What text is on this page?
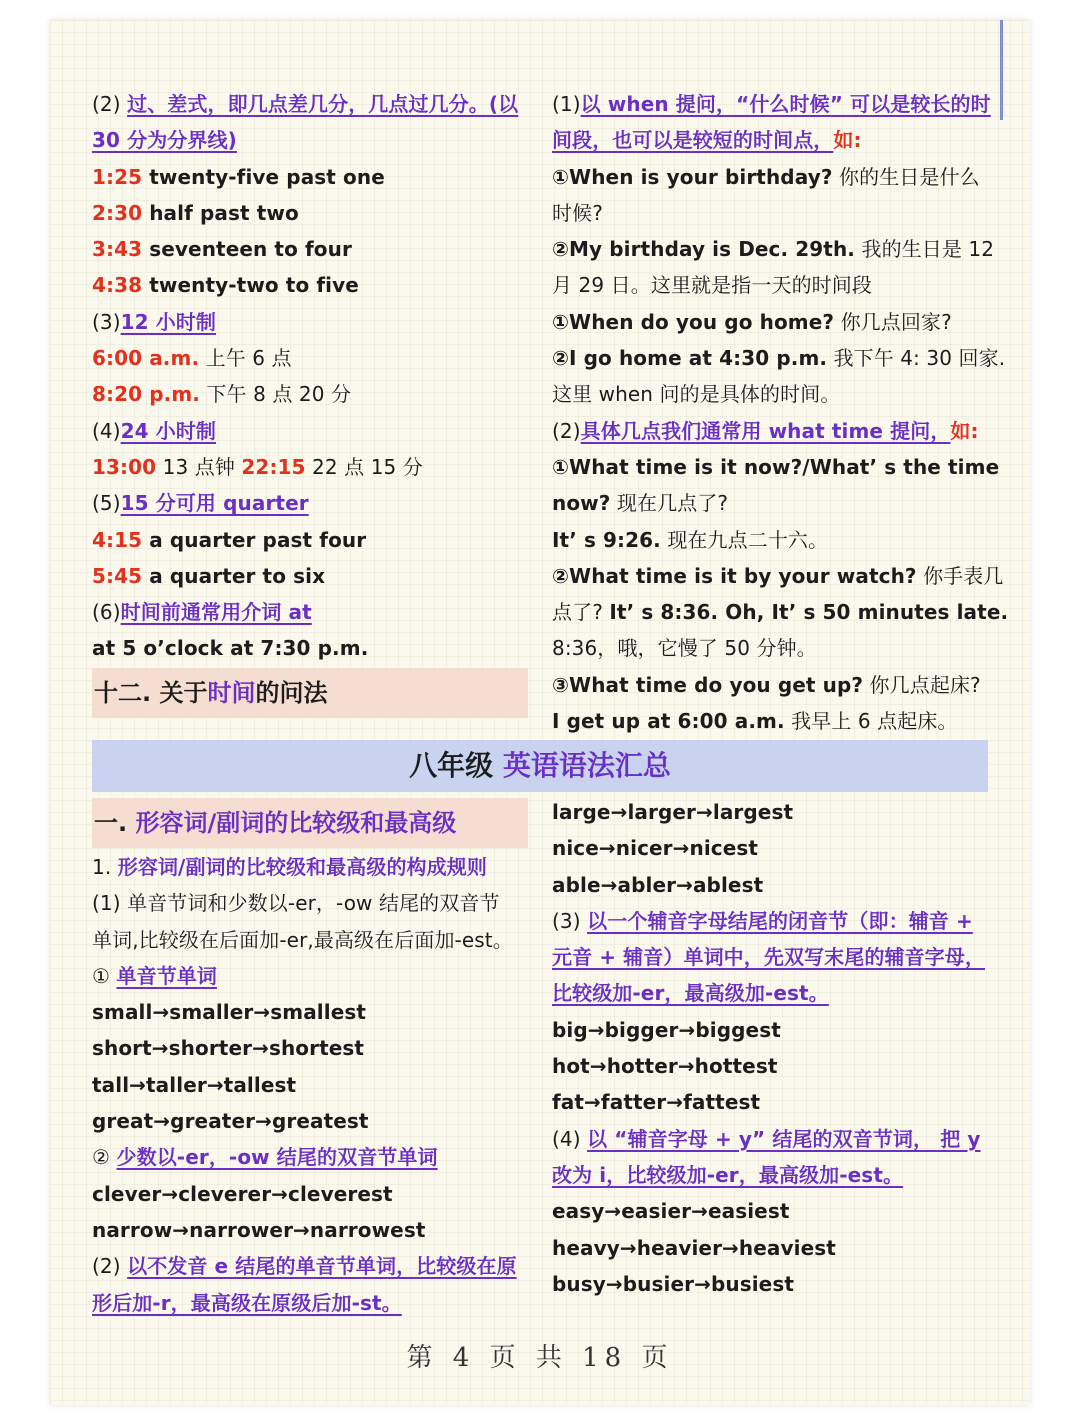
(2) 过、差式，即几点差几分，几点过几分。(以
30 分为分界线)
1:25 twenty-five past one
2:30 half past two
3:43 seventeen to four
4:38 twenty-two to five
(3)12 小时制
6:00 a.m. 上午 6 点
8:20 p.m. 下午 8 点 20 分
(4)24 小时制
13:00 13 点钟 22:15 22 点 15 分
(5)15 分可用 quarter
4:15 a quarter past four
5:45 a quarter to six
(6)时间前通常用介词 at
at 5 o’clock at 7:30 p.m.
十二. 关于时间的问法
(1)以 when 提问，“什么时候” 可以是较长的时
间段，也可以是较短的时间点，如:
①When is your birthday? 你的生日是什么
时候?
②My birthday is Dec. 29th. 我的生日是 12
月 29 日。这里就是指一天的时间段
①When do you go home? 你几点回家?
②I go home at 4:30 p.m. 我下午 4: 30 回家.
这里 when 问的是具体的时间。
(2)具体几点我们通常用 what time 提问，如:
①What time is it now?/What’ s the time
now? 现在几点了?
It’ s 9:26. 现在九点二十六。
②What time is it by your watch? 你手表几
点了? It’ s 8:36. Oh, It’ s 50 minutes late.
8:36，哦，它慢了 50 分钟。
③What time do you get up? 你几点起床?
I get up at 6:00 a.m. 我早上 6 点起床。
八年级 英语语法汇总
一. 形容词/副词的比较级和最高级
1. 形容词/副词的比较级和最高级的构成规则
(1) 单音节词和少数以-er，-ow 结尾的双音节
单词,比较级在后面加-er,最高级在后面加-est。
① 单音节单词
small→smaller→smallest
short→shorter→shortest
tall→taller→tallest
great→greater→greatest
② 少数以-er，-ow 结尾的双音节单词
clever→cleverer→cleverest
narrow→narrower→narrowest
(2) 以不发音 e 结尾的单音节单词，比较级在原
形后加-r，最高级在原级后加-st。
large→larger→largest
nice→nicer→nicest
able→abler→ablest
(3) 以一个辅音字母结尾的闭音节（即：辅音 +
元音 + 辅音）单词中，先双写末尾的辅音字母，
比较级加-er，最高级加-est。
big→bigger→biggest
hot→hotter→hottest
fat→fatter→fattest
(4) 以 “辅音字母 + y” 结尾的双音节词， 把 y
改为 i，比较级加-er，最高级加-est。
easy→easier→easiest
heavy→heavier→heaviest
busy→busier→busiest
第 4 页 共 18 页
